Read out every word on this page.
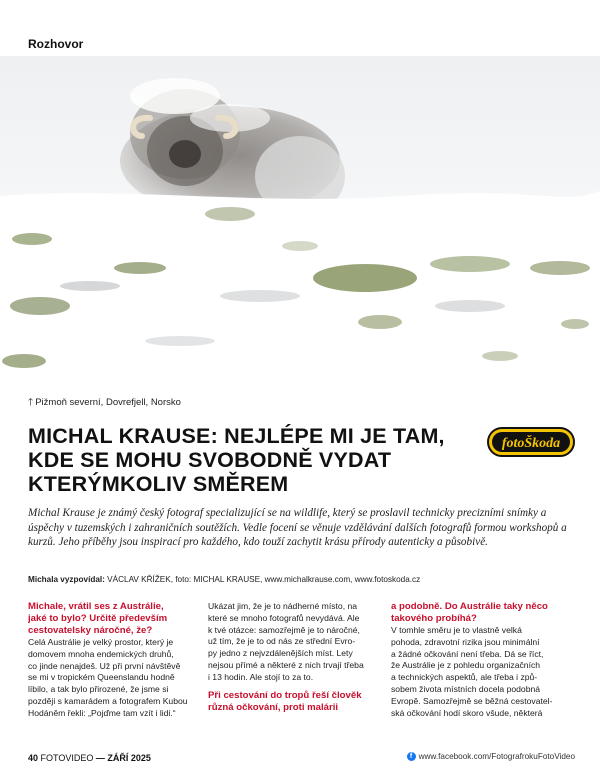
Rozhovor
🡑 Pižmoň severní, Dovrefjell, Norsko
MICHAL KRAUSE: NEJLÉPE MI JE TAM,
KDE SE MOHU SVOBODNĚ VYDAT
KTERÝMKOLIV SMĚREM
fotoŠkoda

Michal Krause je známý český fotograf specializující se na wildlife, který se proslavil technicky precizními snímky a úspěchy v tuzemských i zahraničních soutěžích. Vedle focení se věnuje vzdělávání dalších fotografů formou workshopů a kurzů. Jeho příběhy jsou inspirací pro každého, kdo touží zachytit krásu přírody autenticky a působivě.

Michala vyzpovídal: VÁCLAV KŘÍŽEK, foto: MICHAL KRAUSE, www.michalkrause.com, www.fotoskoda.cz
Michale, vrátil ses z Austrálie,
jaké to bylo? Určitě především
cestovatelsky náročné, že?
Celá Austrálie je velký prostor, který je
domovem mnoha endemických druhů,
co jinde nenajdeš. Už při první návštěvě
se mi v tropickém Queenslandu hodně
líbilo, a tak bylo přirozené, že jsme si
později s kamarádem a fotografem Kubou
Hodáněm řekli: „Pojďme tam vzít i lidi.“
Ukázat jim, že je to nádherné místo, na
které se mnoho fotografů nevydává. Ale
k tvé otázce: samozřejmě je to náročné,
už tím, že je to od nás ze střední Evro-
py jedno z nejvzdálenějších míst. Lety
nejsou přímé a některé z nich trvají třeba
i 13 hodin. Ale stojí to za to.
Při cestování do tropů řeší člověk
různá očkování, proti malárii
a podobně. Do Austrálie taky něco
takového probíhá?
V tomhle směru je to vlastně velká
pohoda, zdravotní rizika jsou minimální
a žádné očkování není třeba. Dá se říct,
že Austrálie je z pohledu organizačních
a technických aspektů, ale třeba i způ-
sobem života místních docela podobná
Evropě. Samozřejmě se běžná cestovatel-
ská očkování hodí skoro všude, některá
40 FOTOVIDEO — ZÁŘÍ 2025	f www.facebook.com/FotografrokuFotoVideo
